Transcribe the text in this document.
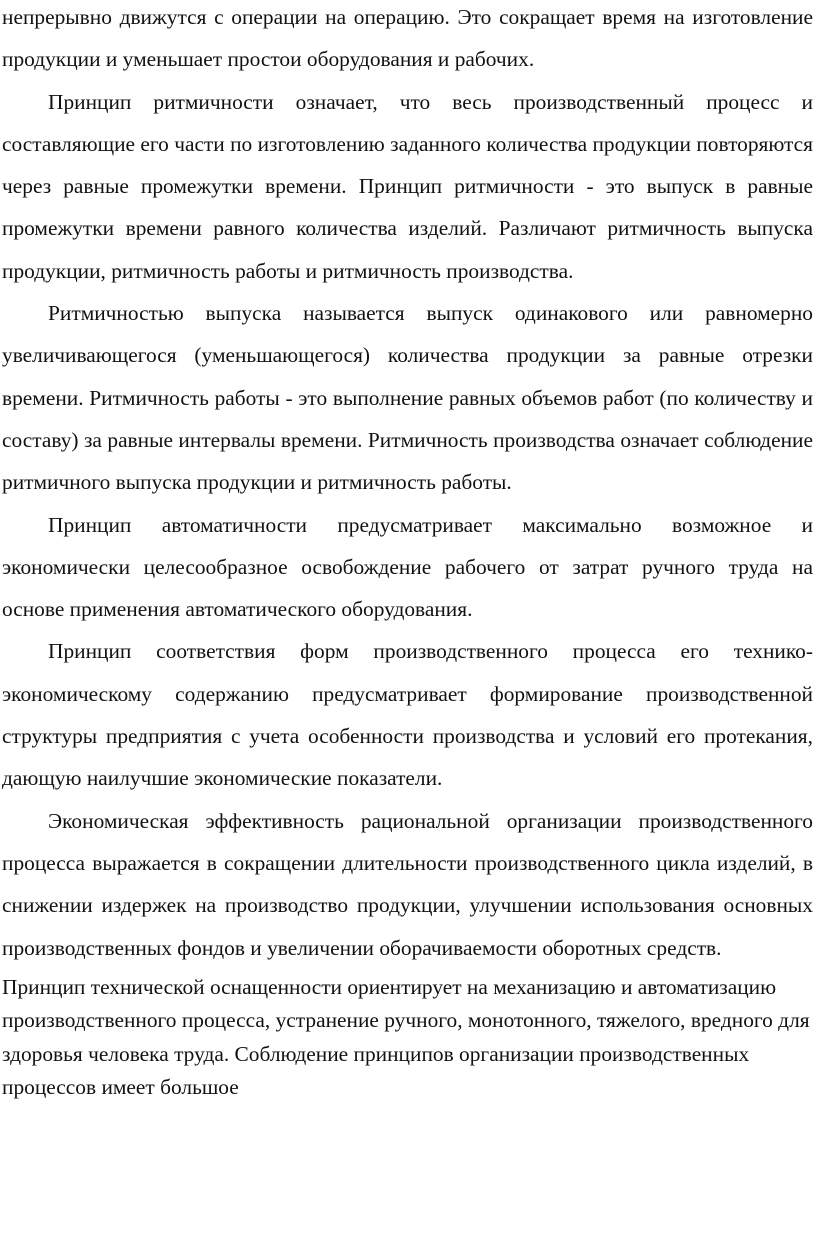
непрерывно движутся с операции на операцию. Это сокращает время на изготовление продукции и уменьшает простои оборудования и рабочих.

Принцип ритмичности означает, что весь производственный процесс и составляющие его части по изготовлению заданного количества продукции повторяются через равные промежутки времени. Принцип ритмичности - это выпуск в равные промежутки времени равного количества изделий. Различают ритмичность выпуска продукции, ритмичность работы и ритмичность производства.

Ритмичностью выпуска называется выпуск одинакового или равномерно увеличивающегося (уменьшающегося) количества продукции за равные отрезки времени. Ритмичность работы - это выполнение равных объемов работ (по количеству и составу) за равные интервалы времени. Ритмичность производства означает соблюдение ритмичного выпуска продукции и ритмичность работы.

Принцип автоматичности предусматривает максимально возможное и экономически целесообразное освобождение рабочего от затрат ручного труда на основе применения автоматического оборудования.

Принцип соответствия форм производственного процесса его технико-экономическому содержанию предусматривает формирование производственной структуры предприятия с учета особенности производства и условий его протекания, дающую наилучшие экономические показатели.

Экономическая эффективность рациональной организации производственного процесса выражается в сокращении длительности производственного цикла изделий, в снижении издержек на производство продукции, улучшении использования основных производственных фондов и увеличении оборачиваемости оборотных средств.

Принцип технической оснащенности ориентирует на механизацию и автоматизацию производственного процесса, устранение ручного, монотонного, тяжелого, вредного для здоровья человека труда. Соблюдение принципов организации производственных процессов имеет большое
